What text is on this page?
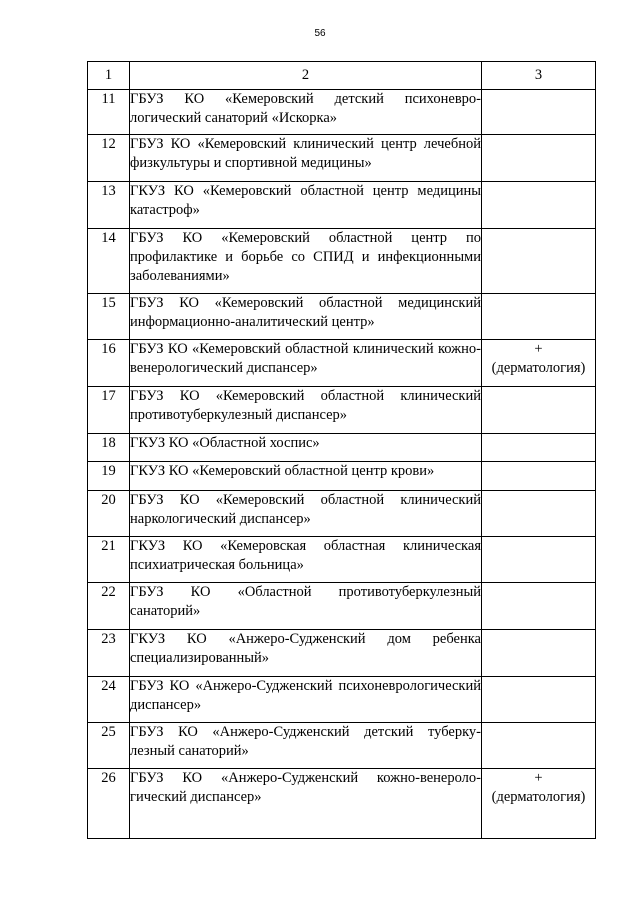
56
1	2	3
11	ГБУЗ КО «Кемеровский детский психоневро-логический санаторий «Искорка»	

12	ГБУЗ КО «Кемеровский клинический центр лечебной физкультуры и спортивной медицины»	

13	ГКУЗ КО «Кемеровский областной центр медицины катастроф»	

14	ГБУЗ КО «Кемеровский областной центр по профилактике и борьбе со СПИД и инфекционными заболеваниями»	

15	ГБУЗ КО «Кемеровский областной медицинский информационно-аналитический центр»	

16	ГБУЗ КО «Кемеровский областной клинический кожно-венерологический диспансер»	+
(дерматология)
17	ГБУЗ КО «Кемеровский областной клинический противотуберкулезный диспансер»	

18	ГКУЗ КО «Областной хоспис»	

19	ГКУЗ КО «Кемеровский областной центр крови»	

20	ГБУЗ КО «Кемеровский областной клинический наркологический диспансер»	

21	ГКУЗ КО «Кемеровская областная клиническая психиатрическая больница»	

22	ГБУЗ КО «Областной противотуберкулезный санаторий»	

23	ГКУЗ КО «Анжеро-Судженский дом ребенка специализированный»	

24	ГБУЗ КО «Анжеро-Судженский психоневрологический диспансер»	

25	ГБУЗ КО «Анжеро-Судженский детский туберку-лезный санаторий»	

26	ГБУЗ КО «Анжеро-Судженский кожно-венероло-гический диспансер»	+
(дерматология)
